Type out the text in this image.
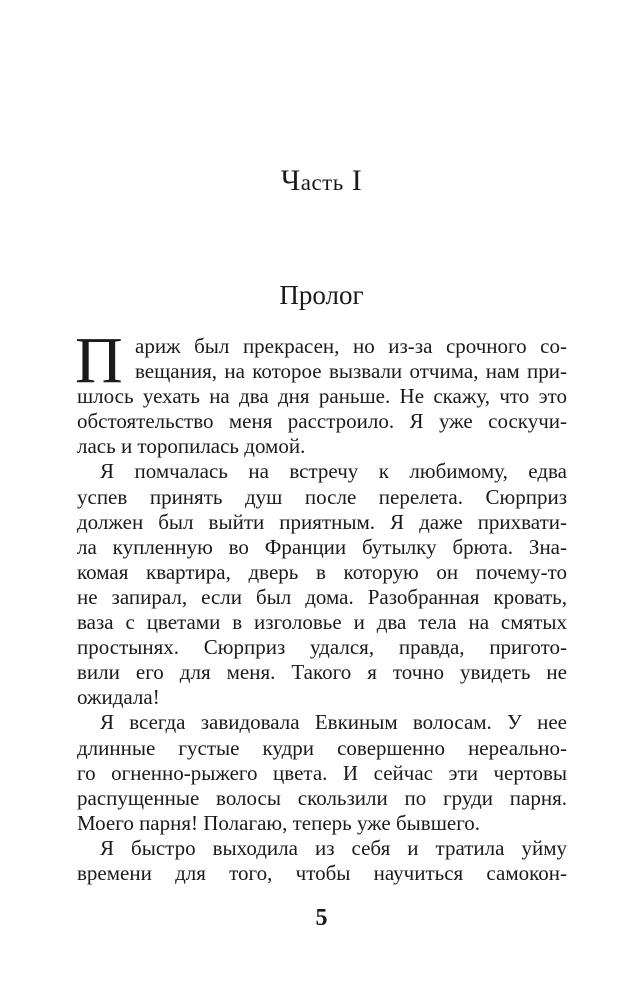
Часть I
Пролог
П ариж был прекрасен, но из-за срочного со-
вещания, на которое вызвали отчима, нам при-
шлось уехать на два дня раньше. Не скажу, что это
обстоятельство меня расстроило. Я уже соскучи-
лась и торопилась домой.
Я помчалась на встречу к любимому, едва
успев принять душ после перелета. Сюрприз
должен был выйти приятным. Я даже прихвати-
ла купленную во Франции бутылку брюта. Зна-
комая квартира, дверь в которую он почему-то
не запирал, если был дома. Разобранная кровать,
ваза с цветами в изголовье и два тела на смятых
простынях. Сюрприз удался, правда, пригото-
вили его для меня. Такого я точно увидеть не
ожидала!
Я всегда завидовала Евкиным волосам. У нее
длинные густые кудри совершенно нереально-
го огненно-рыжего цвета. И сейчас эти чертовы
распущенные волосы скользили по груди парня.
Моего парня! Полагаю, теперь уже бывшего.
Я быстро выходила из себя и тратила уйму
времени для того, чтобы научиться самокон-
5
